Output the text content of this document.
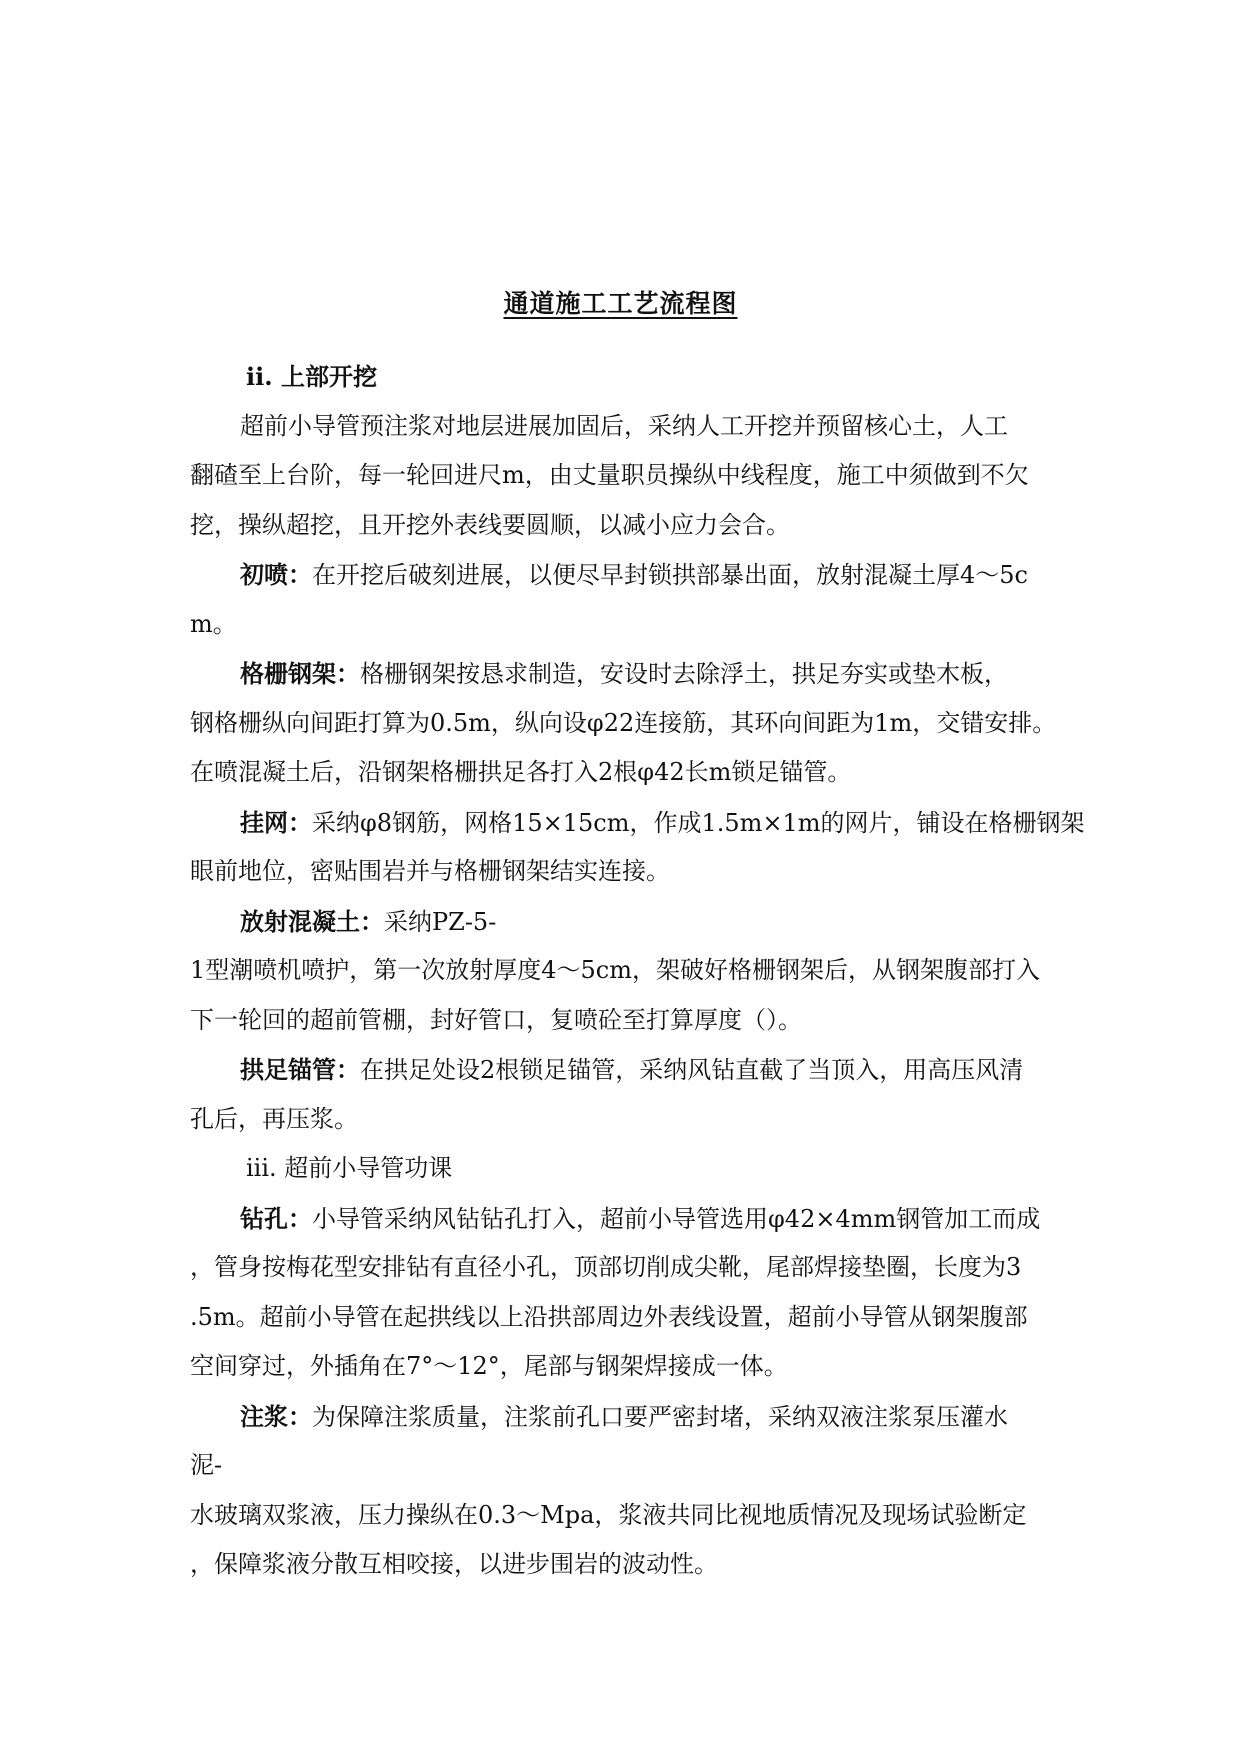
通道施工工艺流程图
ii. 上部开挖
超前小导管预注浆对地层进展加固后，采纳人工开挖并预留核心土，人工
翻碴至上台阶，每一轮回进尺m，由丈量职员操纵中线程度，施工中须做到不欠
挖，操纵超挖，且开挖外表线要圆顺，以减小应力会合。
初喷：在开挖后破刻进展，以便尽早封锁拱部暴出面，放射混凝土厚4～5c
m。
格栅钢架：格栅钢架按恳求制造，安设时去除浮土，拱足夯实或垫木板，
钢格栅纵向间距打算为0.5m，纵向设φ22连接筋，其环向间距为1m，交错安排。
在喷混凝土后，沿钢架格栅拱足各打入2根φ42长m锁足锚管。
挂网：采纳φ8钢筋，网格15×15cm，作成1.5m×1m的网片，铺设在格栅钢架
眼前地位，密贴围岩并与格栅钢架结实连接。
放射混凝土：采纳PZ-5-
1型潮喷机喷护，第一次放射厚度4～5cm，架破好格栅钢架后，从钢架腹部打入
下一轮回的超前管棚，封好管口，复喷砼至打算厚度（）。
拱足锚管：在拱足处设2根锁足锚管，采纳风钻直截了当顶入，用高压风清
孔后，再压浆。
iii. 超前小导管功课
钻孔：小导管采纳风钻钻孔打入，超前小导管选用φ42×4mm钢管加工而成
，管身按梅花型安排钻有直径小孔，顶部切削成尖靴，尾部焊接垫圈，长度为3
.5m。超前小导管在起拱线以上沿拱部周边外表线设置，超前小导管从钢架腹部
空间穿过，外插角在7°～12°，尾部与钢架焊接成一体。
注浆：为保障注浆质量，注浆前孔口要严密封堵，采纳双液注浆泵压灌水
泥-
水玻璃双浆液，压力操纵在0.3～Mpa，浆液共同比视地质情况及现场试验断定
，保障浆液分散互相咬接，以进步围岩的波动性。
